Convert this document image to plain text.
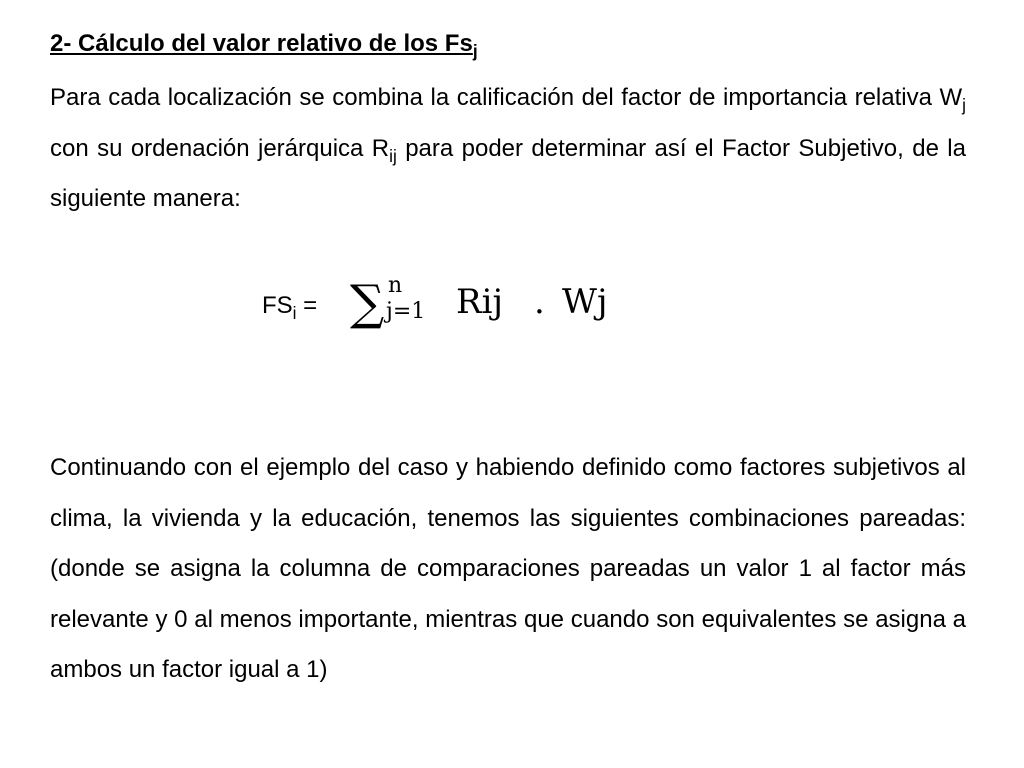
2- Cálculo del valor relativo de los $Fs_j$

Para cada localización se combina la calificación del factor de importancia relativa $W_j$ con su ordenación jerárquica $R_{ij}$ para poder determinar así el Factor Subjetivo, de la siguiente manera:

$FS_i$ = ∑ n
j=1 Rij . Wj

Continuando con el ejemplo del caso y habiendo definido como factores subjetivos al clima, la vivienda y la educación, tenemos las siguientes combinaciones pareadas: (donde se asigna la columna de comparaciones pareadas un valor 1 al factor más relevante y 0 al menos importante, mientras que cuando son equivalentes se asigna a ambos un factor igual a 1)
